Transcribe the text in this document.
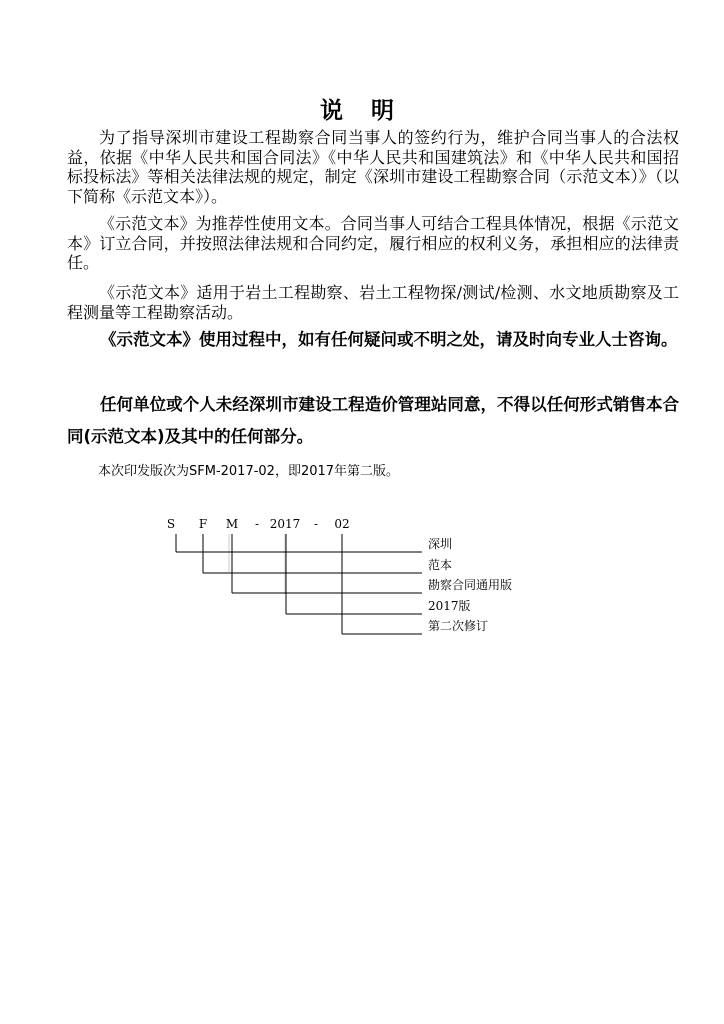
说 明

为了指导深圳市建设工程勘察合同当事人的签约行为，维护合同当事人的合法权益，依据《中华人民共和国合同法》《中华人民共和国建筑法》和《中华人民共和国招标投标法》等相关法律法规的规定，制定《深圳市建设工程勘察合同（示范文本）》（以下简称《示范文本》）。

《示范文本》为推荐性使用文本。合同当事人可结合工程具体情况，根据《示范文本》订立合同，并按照法律法规和合同约定，履行相应的权利义务，承担相应的法律责任。

《示范文本》适用于岩土工程勘察、岩土工程物探/测试/检测、水文地质勘察及工程测量等工程勘察活动。

《示范文本》使用过程中，如有任何疑问或不明之处，请及时向专业人士咨询。

任何单位或个人未经深圳市建设工程造价管理站同意，不得以任何形式销售本合同(示范文本)及其中的任何部分。

本次印发版次为SFM-2017-02，即2017年第二版。

S F M - 2017 - 02
深圳
范本
勘察合同通用版
2017版
第二次修订
